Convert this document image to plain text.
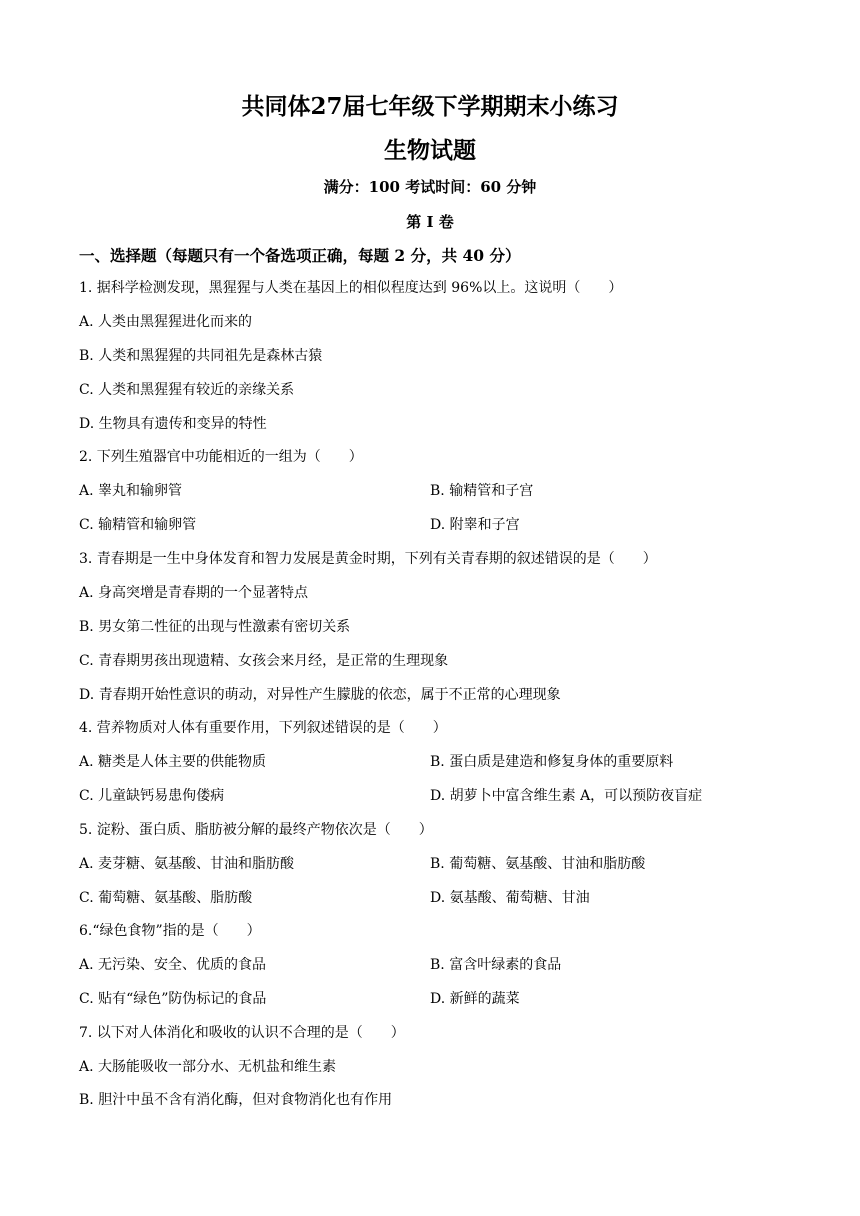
共同体27届七年级下学期期末小练习
生物试题
满分：100 考试时间：60 分钟
第 I 卷
一、选择题（每题只有一个备选项正确，每题 2 分，共 40 分）
1. 据科学检测发现，黑猩猩与人类在基因上的相似程度达到 96%以上。这说明（　　）
A. 人类由黑猩猩进化而来的
B. 人类和黑猩猩的共同祖先是森林古猿
C. 人类和黑猩猩有较近的亲缘关系
D. 生物具有遗传和变异的特性
2. 下列生殖器官中功能相近的一组为（　　）
A. 睾丸和输卵管	B. 输精管和子宫
C. 输精管和输卵管	D. 附睾和子宫
3. 青春期是一生中身体发育和智力发展是黄金时期，下列有关青春期的叙述错误的是（　　）
A. 身高突增是青春期的一个显著特点
B. 男女第二性征的出现与性激素有密切关系
C. 青春期男孩出现遗精、女孩会来月经，是正常的生理现象
D. 青春期开始性意识的萌动，对异性产生朦胧的依恋，属于不正常的心理现象
4. 营养物质对人体有重要作用，下列叙述错误的是（　　）
A. 糖类是人体主要的供能物质	B. 蛋白质是建造和修复身体的重要原料
C. 儿童缺钙易患佝偻病	D. 胡萝卜中富含维生素 A，可以预防夜盲症
5. 淀粉、蛋白质、脂肪被分解的最终产物依次是（　　）
A. 麦芽糖、氨基酸、甘油和脂肪酸	B. 葡萄糖、氨基酸、甘油和脂肪酸
C. 葡萄糖、氨基酸、脂肪酸	D. 氨基酸、葡萄糖、甘油
6.“绿色食物”指的是（　　）
A. 无污染、安全、优质的食品	B. 富含叶绿素的食品
C. 贴有“绿色”防伪标记的食品	D. 新鲜的蔬菜
7. 以下对人体消化和吸收的认识不合理的是（　　）
A. 大肠能吸收一部分水、无机盐和维生素
B. 胆汁中虽不含有消化酶，但对食物消化也有作用
